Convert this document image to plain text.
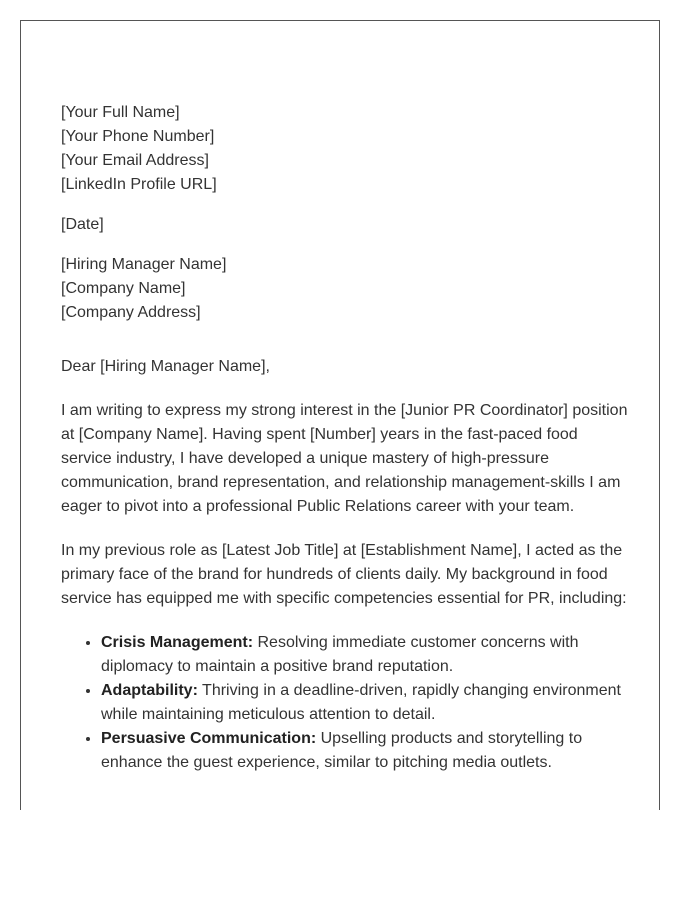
[Your Full Name]
[Your Phone Number]
[Your Email Address]
[LinkedIn Profile URL]
[Date]
[Hiring Manager Name]
[Company Name]
[Company Address]

Dear [Hiring Manager Name],

I am writing to express my strong interest in the [Junior PR Coordinator] position at [Company Name]. Having spent [Number] years in the fast-paced food service industry, I have developed a unique mastery of high-pressure communication, brand representation, and relationship management-skills I am eager to pivot into a professional Public Relations career with your team.

In my previous role as [Latest Job Title] at [Establishment Name], I acted as the primary face of the brand for hundreds of clients daily. My background in food service has equipped me with specific competencies essential for PR, including:

• Crisis Management: Resolving immediate customer concerns with diplomacy to maintain a positive brand reputation.
• Adaptability: Thriving in a deadline-driven, rapidly changing environment while maintaining meticulous attention to detail.
• Persuasive Communication: Upselling products and storytelling to enhance the guest experience, similar to pitching media outlets.
